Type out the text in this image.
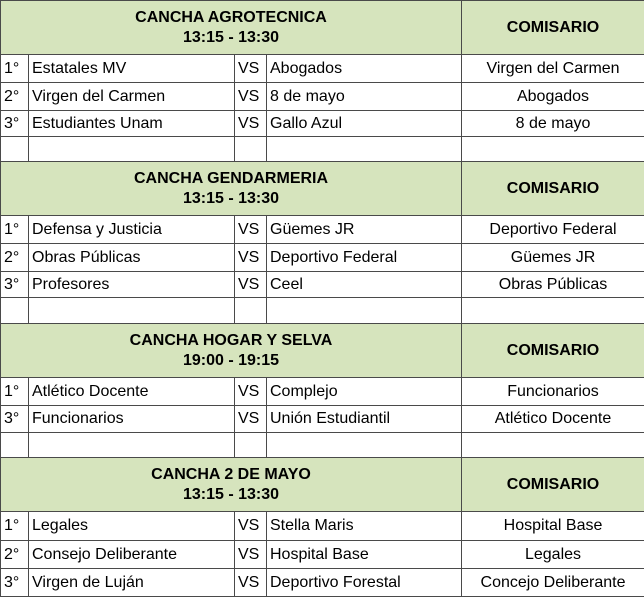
CANCHA AGROTECNICA
13:15 - 13:30				COMISARIO
1°	Estatales MV	VS	Abogados	Virgen del Carmen
2°	Virgen del Carmen	VS	8 de mayo	Abogados
3°	Estudiantes Unam	VS	Gallo Azul	8 de mayo

CANCHA GENDARMERIA
13:15 - 13:30				COMISARIO
1°	Defensa y Justicia	VS	Güemes JR	Deportivo Federal
2°	Obras Públicas	VS	Deportivo Federal	Güemes JR
3°	Profesores	VS	Ceel	Obras Públicas

CANCHA HOGAR Y SELVA
19:00 - 19:15				COMISARIO
1°	Atlético Docente	VS	Complejo	Funcionarios
3°	Funcionarios	VS	Unión Estudiantil	Atlético Docente

CANCHA 2 DE MAYO
13:15 - 13:30				COMISARIO
1°	Legales	VS	Stella Maris	Hospital Base
2°	Consejo Deliberante	VS	Hospital Base	Legales
3°	Virgen de Luján	VS	Deportivo Forestal	Concejo Deliberante
